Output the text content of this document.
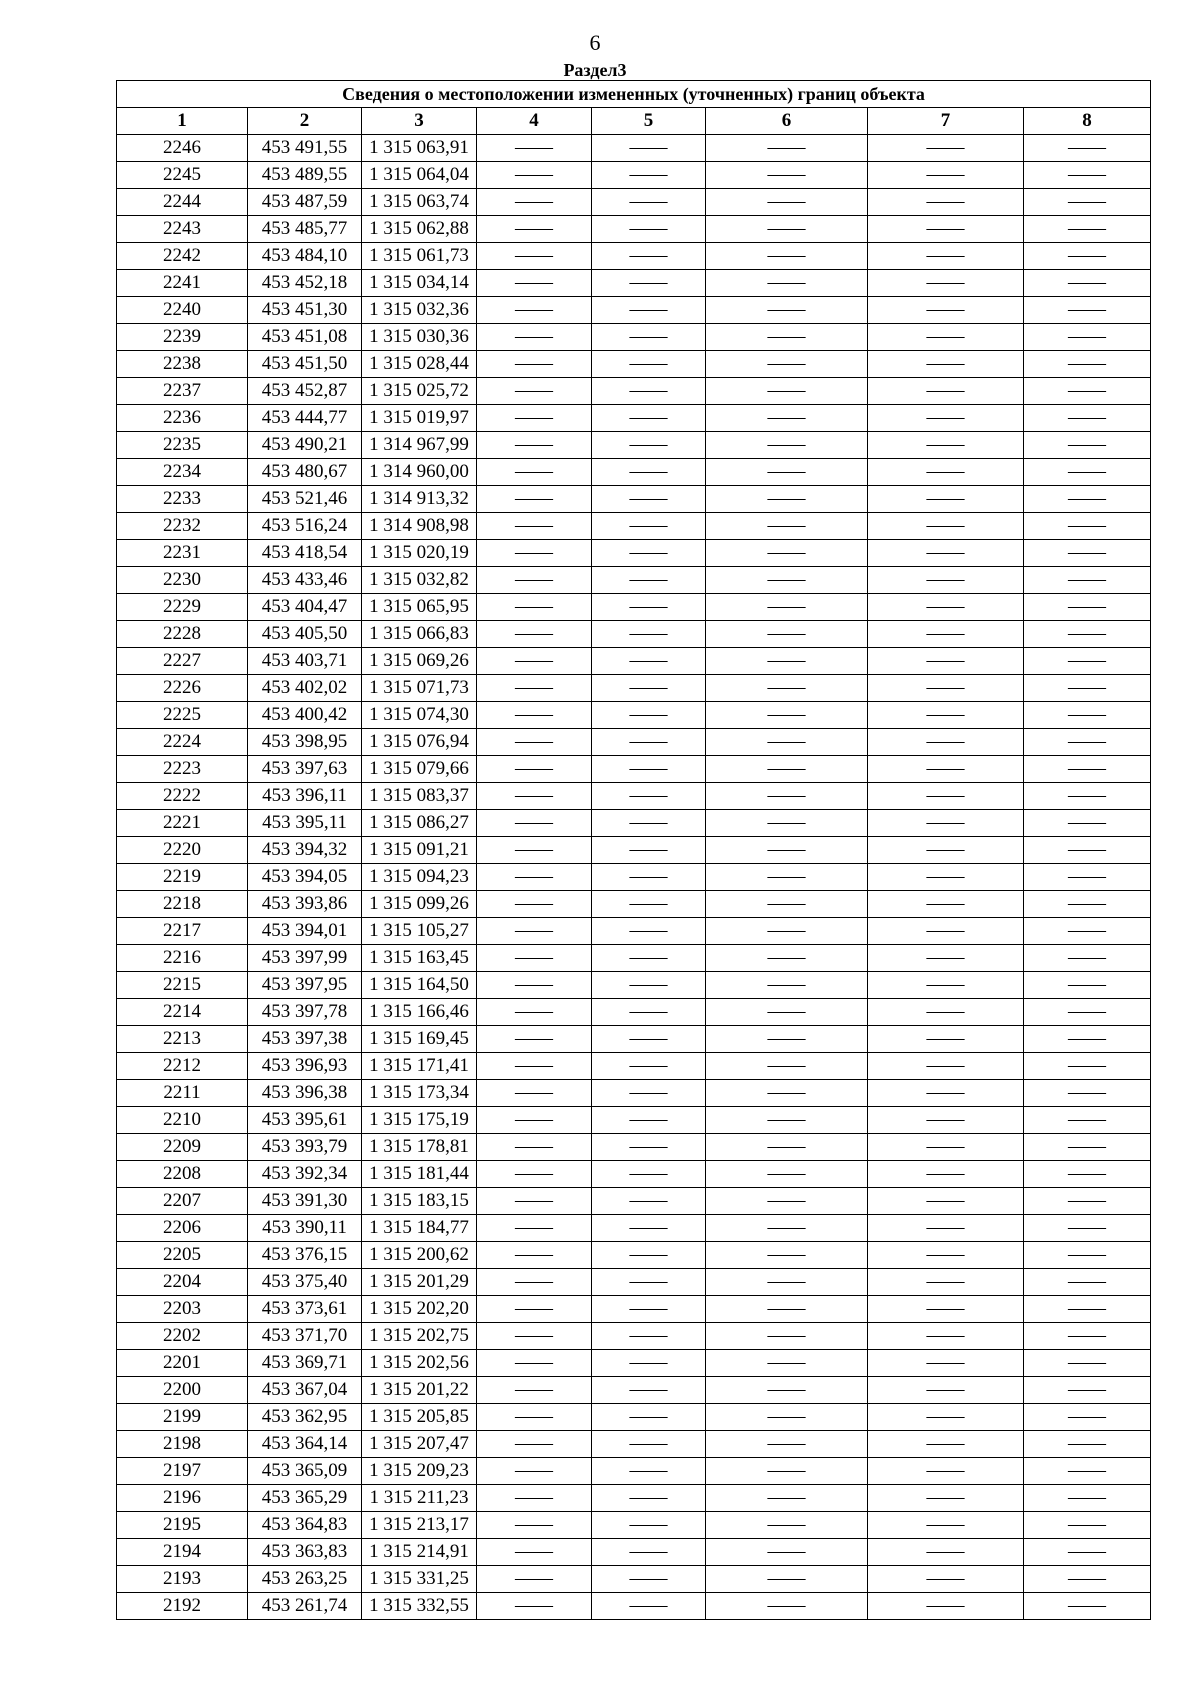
6
Раздел3
Сведения о местоположении измененных (уточненных) границ объекта							
1	2	3	4	5	6	7	8
2246	453 491,55	1 315 063,91	——	——	——	——	——
2245	453 489,55	1 315 064,04	——	——	——	——	——
2244	453 487,59	1 315 063,74	——	——	——	——	——
2243	453 485,77	1 315 062,88	——	——	——	——	——
2242	453 484,10	1 315 061,73	——	——	——	——	——
2241	453 452,18	1 315 034,14	——	——	——	——	——
2240	453 451,30	1 315 032,36	——	——	——	——	——
2239	453 451,08	1 315 030,36	——	——	——	——	——
2238	453 451,50	1 315 028,44	——	——	——	——	——
2237	453 452,87	1 315 025,72	——	——	——	——	——
2236	453 444,77	1 315 019,97	——	——	——	——	——
2235	453 490,21	1 314 967,99	——	——	——	——	——
2234	453 480,67	1 314 960,00	——	——	——	——	——
2233	453 521,46	1 314 913,32	——	——	——	——	——
2232	453 516,24	1 314 908,98	——	——	——	——	——
2231	453 418,54	1 315 020,19	——	——	——	——	——
2230	453 433,46	1 315 032,82	——	——	——	——	——
2229	453 404,47	1 315 065,95	——	——	——	——	——
2228	453 405,50	1 315 066,83	——	——	——	——	——
2227	453 403,71	1 315 069,26	——	——	——	——	——
2226	453 402,02	1 315 071,73	——	——	——	——	——
2225	453 400,42	1 315 074,30	——	——	——	——	——
2224	453 398,95	1 315 076,94	——	——	——	——	——
2223	453 397,63	1 315 079,66	——	——	——	——	——
2222	453 396,11	1 315 083,37	——	——	——	——	——
2221	453 395,11	1 315 086,27	——	——	——	——	——
2220	453 394,32	1 315 091,21	——	——	——	——	——
2219	453 394,05	1 315 094,23	——	——	——	——	——
2218	453 393,86	1 315 099,26	——	——	——	——	——
2217	453 394,01	1 315 105,27	——	——	——	——	——
2216	453 397,99	1 315 163,45	——	——	——	——	——
2215	453 397,95	1 315 164,50	——	——	——	——	——
2214	453 397,78	1 315 166,46	——	——	——	——	——
2213	453 397,38	1 315 169,45	——	——	——	——	——
2212	453 396,93	1 315 171,41	——	——	——	——	——
2211	453 396,38	1 315 173,34	——	——	——	——	——
2210	453 395,61	1 315 175,19	——	——	——	——	——
2209	453 393,79	1 315 178,81	——	——	——	——	——
2208	453 392,34	1 315 181,44	——	——	——	——	——
2207	453 391,30	1 315 183,15	——	——	——	——	——
2206	453 390,11	1 315 184,77	——	——	——	——	——
2205	453 376,15	1 315 200,62	——	——	——	——	——
2204	453 375,40	1 315 201,29	——	——	——	——	——
2203	453 373,61	1 315 202,20	——	——	——	——	——
2202	453 371,70	1 315 202,75	——	——	——	——	——
2201	453 369,71	1 315 202,56	——	——	——	——	——
2200	453 367,04	1 315 201,22	——	——	——	——	——
2199	453 362,95	1 315 205,85	——	——	——	——	——
2198	453 364,14	1 315 207,47	——	——	——	——	——
2197	453 365,09	1 315 209,23	——	——	——	——	——
2196	453 365,29	1 315 211,23	——	——	——	——	——
2195	453 364,83	1 315 213,17	——	——	——	——	——
2194	453 363,83	1 315 214,91	——	——	——	——	——
2193	453 263,25	1 315 331,25	——	——	——	——	——
2192	453 261,74	1 315 332,55	——	——	——	——	——
